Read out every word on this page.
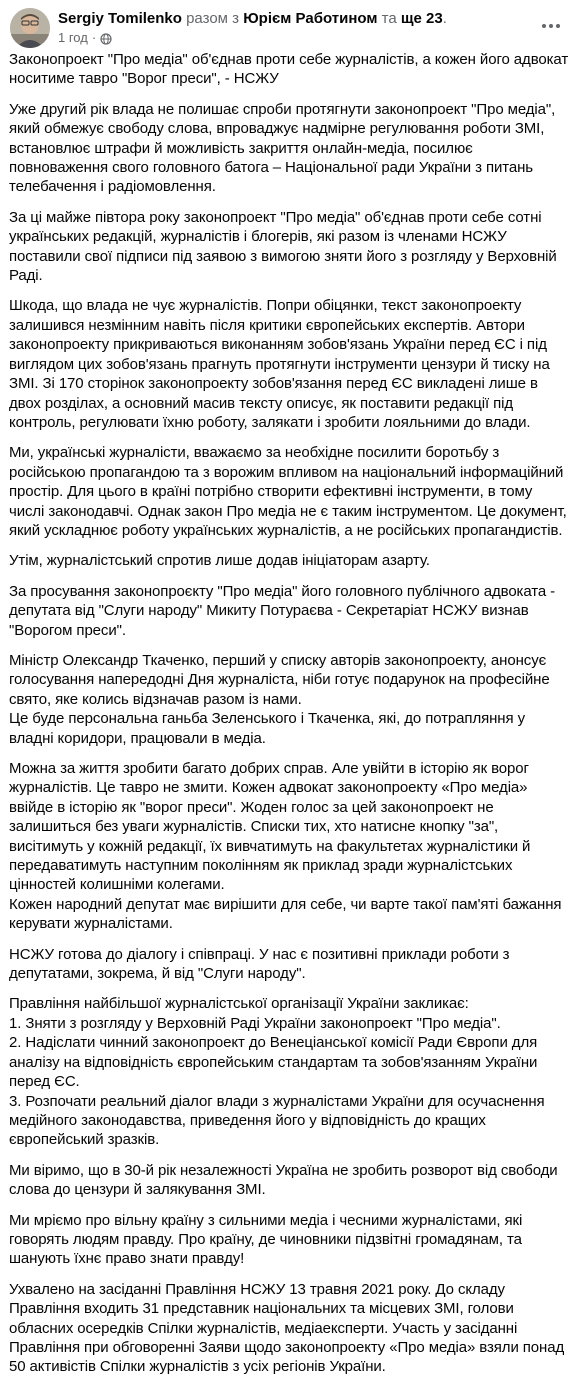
Sergiy Tomilenko разом з Юрієм Работином та ще 23.
1 год ·

Законопроект "Про медіа" об'єднав проти себе журналістів, а кожен його адвокат носитиме тавро "Ворог преси", - НСЖУ

Уже другий рік влада не полишає спроби протягнути законопроект "Про медіа", який обмежує свободу слова, впроваджує надмірне регулювання роботи ЗМІ, встановлює штрафи й можливість закриття онлайн-медіа, посилює повноваження свого головного батога – Національної ради України з питань телебачення і радіомовлення.

За ці майже півтора року законопроект "Про медіа" об'єднав проти себе сотні українських редакцій, журналістів і блогерів, які разом із членами НСЖУ поставили свої підписи під заявою з вимогою зняти його з розгляду у Верховній Раді.

Шкода, що влада не чує журналістів. Попри обіцянки, текст законопроекту залишився незмінним навіть після критики європейських експертів. Автори законопроекту прикриваються виконанням зобов'язань України перед ЄС і під виглядом цих зобов'язань прагнуть протягнути інструменти цензури й тиску на ЗМІ. Зі 170 сторінок законопроекту зобов'язання перед ЄС викладені лише в двох розділах, а основний масив тексту описує, як поставити редакції під контроль, регулювати їхню роботу, залякати і зробити лояльними до влади.

Ми, українські журналісти, вважаємо за необхідне посилити боротьбу з російською пропагандою та з ворожим впливом на національний інформаційний простір. Для цього в країні потрібно створити ефективні інструменти, в тому числі законодавчі. Однак закон Про медіа не є таким інструментом. Це документ, який ускладнює роботу українських журналістів, а не російських пропагандистів.

Утім, журналістський спротив лише додав ініціаторам азарту.

За просування законопроєкту "Про медіа" його головного публічного адвоката - депутата від "Слуги народу" Микиту Потураєва - Секретаріат НСЖУ визнав "Ворогом преси".

Міністр Олександр Ткаченко, перший у списку авторів законопроекту, анонсує голосування напередодні Дня журналіста, ніби готує подарунок на професійне свято, яке колись відзначав разом із нами.
Це буде персональна ганьба Зеленського і Ткаченка, які, до потрапляння у владні коридори, працювали в медіа.

Можна за життя зробити багато добрих справ. Але увійти в історію як ворог журналістів. Це тавро не змити. Кожен адвокат законопроекту «Про медіа» ввійде в історію як "ворог преси". Жоден голос за цей законопроект не залишиться без уваги журналістів. Списки тих, хто натисне кнопку "за", висітимуть у кожній редакції, їх вивчатимуть на факультетах журналістики й передаватимуть наступним поколінням як приклад зради журналістських цінностей колишніми колегами.
Кожен народний депутат має вирішити для себе, чи варте такої пам'яті бажання керувати журналістами.

НСЖУ готова до діалогу і співпраці. У нас є позитивні приклади роботи з депутатами, зокрема, й від "Слуги народу".

Правління найбільшої журналістської організації України закликає:
1. Зняти з розгляду у Верховній Раді України законопроект "Про медіа".
2. Надіслати чинний законопроект до Венеціанської комісії Ради Європи для аналізу на відповідність європейським стандартам та зобов'язанням України перед ЄС.
3. Розпочати реальний діалог влади з журналістами України для осучаснення медійного законодавства, приведення його у відповідність до кращих європейський зразків.

Ми віримо, що в 30-й рік незалежності Україна не зробить розворот від свободи слова до цензури й залякування ЗМІ.

Ми мріємо про вільну країну з сильними медіа і чесними журналістами, які говорять людям правду. Про країну, де чиновники підзвітні громадянам, та шанують їхнє право знати правду!

Ухвалено на засіданні Правління НСЖУ 13 травня 2021 року. До складу Правління входить 31 представник національних та місцевих ЗМІ, голови обласних осередків Спілки журналістів, медіаексперти. Участь у засіданні Правління при обговоренні Заяви щодо законопроекту «Про медіа» взяли понад 50 активістів Спілки журналістів з усіх регіонів України.
